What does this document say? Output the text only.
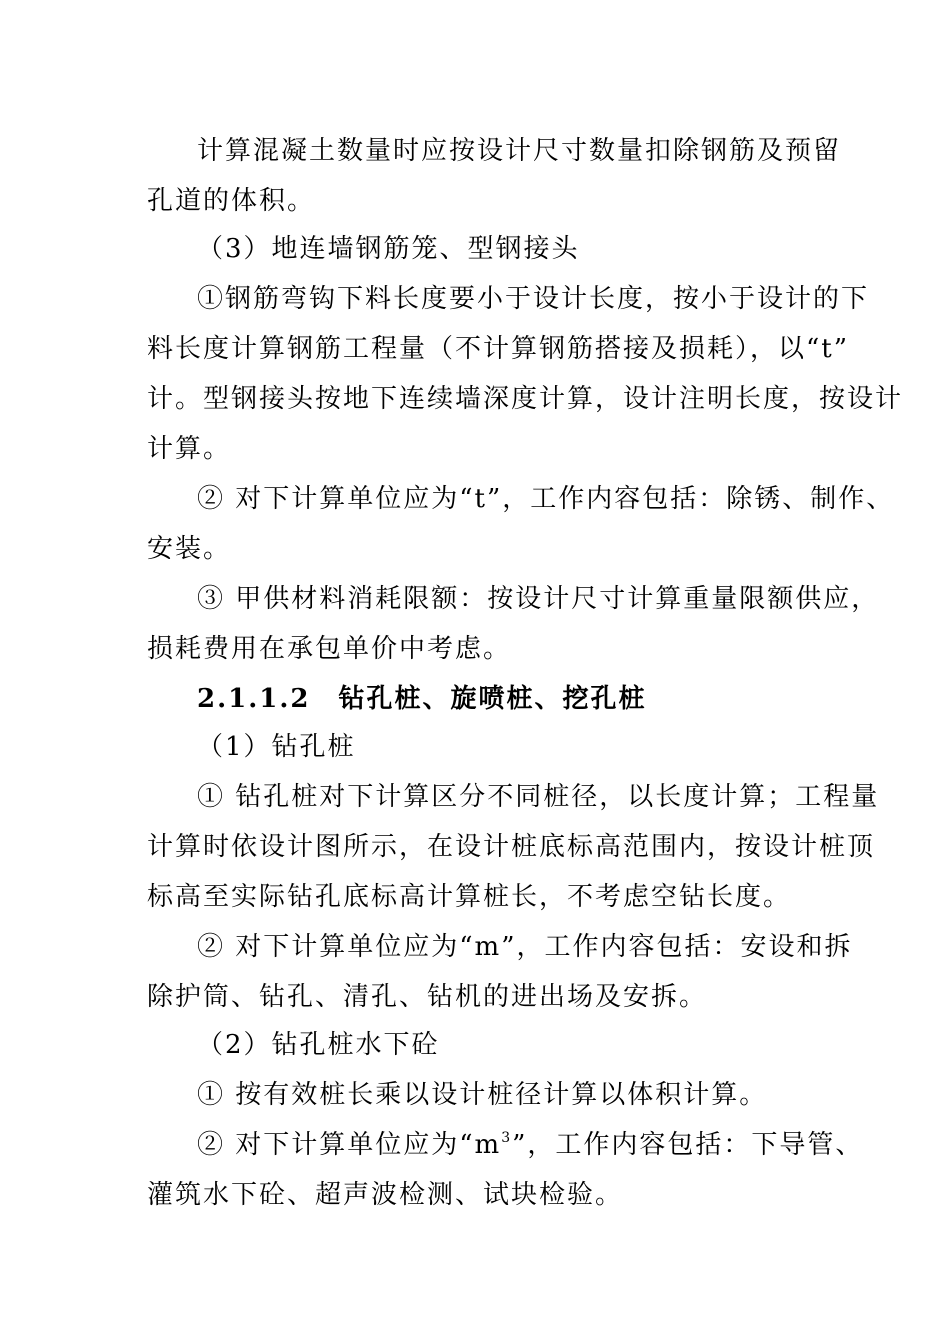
计算混凝土数量时应按设计尺寸数量扣除钢筋及预留
孔道的体积。
（3）地连墙钢筋笼、型钢接头
①钢筋弯钩下料长度要小于设计长度，按小于设计的下
料长度计算钢筋工程量（不计算钢筋搭接及损耗），以“t”
计。型钢接头按地下连续墙深度计算，设计注明长度，按设计
计算。
② 对下计算单位应为“t”，工作内容包括：除锈、制作、
安装。
③ 甲供材料消耗限额：按设计尺寸计算重量限额供应，
损耗费用在承包单价中考虑。
2.1.1.2　钻孔桩、旋喷桩、挖孔桩
（1）钻孔桩
① 钻孔桩对下计算区分不同桩径，以长度计算；工程量
计算时依设计图所示，在设计桩底标高范围内，按设计桩顶
标高至实际钻孔底标高计算桩长，不考虑空钻长度。
② 对下计算单位应为“m”，工作内容包括：安设和拆
除护筒、钻孔、清孔、钻机的进出场及安拆。
（2）钻孔桩水下砼
① 按有效桩长乘以设计桩径计算以体积计算。
② 对下计算单位应为“$m^3$”，工作内容包括：下导管、
灌筑水下砼、超声波检测、试块检验。
